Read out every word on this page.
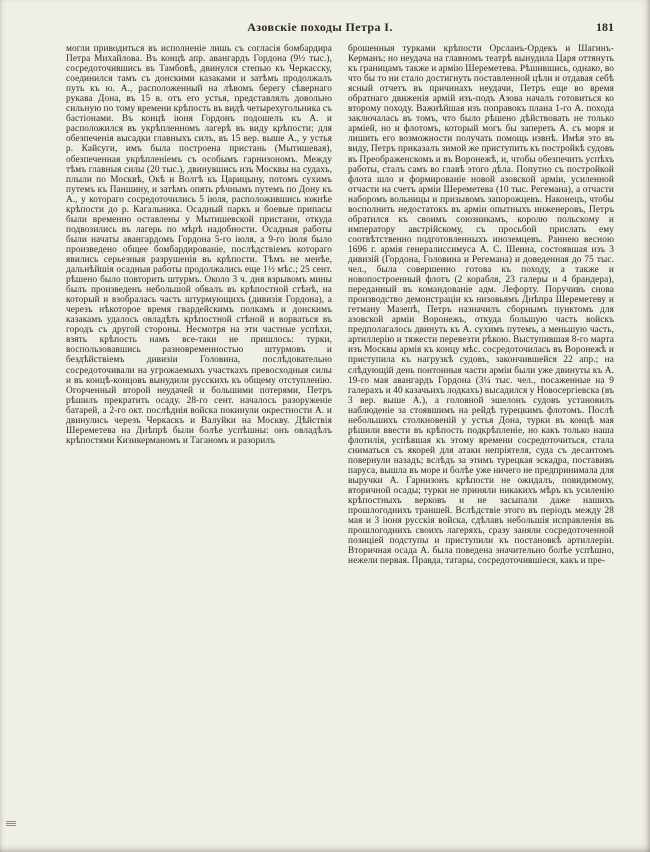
Азовскіе походы Петра I.	181
могли приводиться въ исполненіе лишь съ согласія бомбардира Петра Михайлова. Въ концѣ апр. авангардъ Гордона (9½ тыс.), сосредоточившись въ Тамбовѣ, двинулся степью къ Черкасску, соединился тамъ съ донскими казаками и затѣмъ продолжалъ путь къ ю. А., расположенный на лѣвомъ берегу сѣвернаго рукава Дона, въ 15 в. отъ его устья, представлялъ довольно сильную по тому времени крѣпость въ видѣ четырехугольника съ бастіонами. Въ концѣ іюня Гордонъ подошелъ къ А. и расположился въ укрѣпленномъ лагерѣ въ виду крѣпости; для обезпеченія высадки главныхъ силъ, въ 15 вер. выше А., у устья р. Кайсуги, имъ была построена пристань (Мытишевая), обезпеченная укрѣпленіемъ съ особымъ гарнизономъ. Между тѣмъ главныя силы (20 тыс.), двинувшись изъ Москвы на судахъ, плыли по Москвѣ, Окѣ и Волгѣ къ Царицыну, потомъ сухимъ путемъ къ Паншину, и затѣмъ опять рѣчнымъ путемъ по Дону къ А., у котораго сосредоточились 5 іюля, расположившись южнѣе крѣпости до р. Кагальника. Осадный паркъ и боевые припасы были временно оставлены у Мытишевской пристани, откуда подвозились въ лагерь по мѣрѣ надобности. Осадныя работы были начаты авангардомъ Гордона 5-го іюля, а 9-го іюля было произведено общее бомбардированіе, послѣдствіемъ котораго явились серьезныя разрушенія въ крѣпости. Тѣмъ не менѣе, дальнѣйшія осадныя работы продолжались еще 1½ мѣс.; 25 сент. рѣшено было повторить штурмъ. Около 3 ч. дня взрывомъ мины былъ произведенъ небольшой обвалъ въ крѣпостной стѣнѣ, на который и взобралась часть штурмующихъ (дивизія Гордона), а черезъ нѣкоторое время гвардейскимъ полкамъ и донскимъ казакамъ удалось овладѣть крѣпостной стѣной и ворваться въ городъ съ другой стороны. Несмотря на эти частные успѣхи, взять крѣпость намъ все-таки не пришлось: турки, воспользовавшись разновременностью штурмовъ и бездѣйствіемъ дивизіи Головина, послѣдовательно сосредоточивали на угрожаемыхъ участкахъ превосходныя силы и въ концѣ-концовъ вынудили русскихъ къ общему отступленію. Огорченный второй неудачей и большими потерями, Петръ рѣшилъ прекратить осаду. 28-го сент. началось разоруженіе батарей, а 2-го окт. послѣднія войска покинули окрестности А. и двинулись черезъ Черкаскъ и Валуйки на Москву. Дѣйствія Шереметева на Днѣпрѣ были болѣе успѣшны: онъ овладѣлъ крѣпостями Кизикерманомъ и Таганомъ и разорилъ
брошенныя турками крѣпости Орсланъ-Ордекъ и Шагинъ-Керманъ; но неудача на главномъ театрѣ вынудила Царя оттянуть къ границамъ также и армію Шереметева. Рѣшившись, однако, во что бы то ни стало достигнуть поставленной цѣли и отдавая себѣ ясный отчетъ въ причинахъ неудачи, Петръ еще во время обратнаго движенія армій изъ-подъ Азова началъ готовиться ко второму походу. Важнѣйшая изъ поправокъ плана 1-го А. похода заключалась въ томъ, что было рѣшено дѣйствовать не только арміей, но и флотомъ, который могъ бы запереть А. съ моря и лишить его возможности получать помощь извнѣ. Имѣя это въ виду, Петръ приказалъ зимой же приступить къ постройкѣ судовъ въ Преображенскомъ и въ Воронежѣ, и, чтобы обезпечить успѣхъ работы, сталъ самъ во главѣ этого дѣла. Попутно съ постройкой флота шло и формированіе новой азовской арміи, усиленной отчасти на счетъ арміи Шереметева (10 тыс. Регемана), а отчасти наборомъ вольницы и призывомъ запорожцевъ. Наконецъ, чтобы восполнить недостатокъ въ арміи опытныхъ инженеровъ, Петръ обратился къ своимъ союзникамъ, королю польскому и императору австрійскому, съ просьбой прислать ему соотвѣтственно подготовленныхъ иноземцевъ. Раннею весною 1696 г. армія генералиссимуса А. С. Шеина, состоявшая изъ 3 дивизій (Гордона, Головина и Регемана) и доведенная до 75 тыс. чел., была совершенно готова къ походу, а также и новопостроенный флотъ (2 корабля, 23 галеры и 4 брандера), переданный въ командованіе адм. Лефорту. Поручивъ снова производство демонстраціи къ низовьямъ Днѣпра Шереметеву и гетману Мазепѣ, Петръ назначилъ сборнымъ пунктомъ для азовской арміи Воронежъ, откуда большую часть войскъ предполагалось двинуть къ А. сухимъ путемъ, а меньшую часть, артиллерію и тяжести перевезти рѣкою. Выступившая 8-го марта изъ Москвы армія къ концу мѣс. сосредоточилась въ Воронежѣ и приступила къ нагрузкѣ судовъ, закончившейся 22 апр.; на слѣдующій день понтонныя части арміи были уже двинуты къ А. 19-го мая авангардъ Гордона (3¼ тыс. чел., посаженные на 9 галерахъ и 40 казачьихъ лодкахъ) высадился у Новосергіевска (въ 3 вер. выше А.), а головной эшелонъ судовъ установилъ наблюденіе за стоявшимъ на рейдѣ турецкимъ флотомъ. Послѣ небольшихъ столкновеній у устья Дона, турки въ концѣ мая рѣшили ввести въ крѣпость подкрѣпленіе, но какъ только наша флотилія, успѣвшая къ этому времени сосредоточиться, стала сниматься съ якорей для атаки непріятеля, суда съ десантомъ повернули назадъ; вслѣдъ за этимъ турецкая эскадра, поставивъ паруса, вышла въ море и болѣе уже ничего не предпринимала для выручки А. Гарнизонъ крѣпости не ожидалъ, повидимому, вторичной осады; турки не приняли никакихъ мѣръ къ усиленію крѣпостныхъ верковъ и не засыпали даже нашихъ прошлогоднихъ траншей. Вслѣдствіе этого въ періодъ между 28 мая и 3 іюня русскія войска, сдѣлавъ небольшія исправленія въ прошлогоднихъ своихъ лагеряхъ, сразу заняли сосредоточенной позиціей подступы и приступили къ постановкѣ артиллеріи. Вторичная осада А. была поведена значительно болѣе успѣшно, нежели первая. Правда, татары, сосредоточившіеся, какъ и пре-
